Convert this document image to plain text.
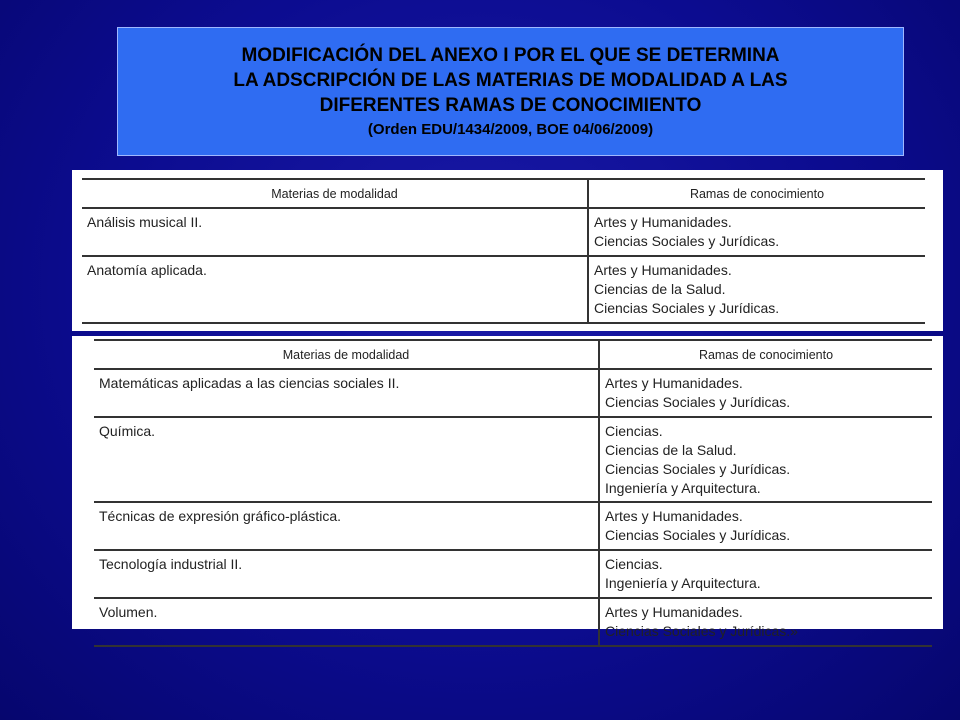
MODIFICACIÓN DEL ANEXO I POR EL QUE SE DETERMINA
LA ADSCRIPCIÓN DE LAS MATERIAS DE MODALIDAD A LAS
DIFERENTES RAMAS DE CONOCIMIENTO
(Orden EDU/1434/2009, BOE 04/06/2009)
Materias de modalidad	Ramas de conocimiento
Análisis musical II.	Artes y Humanidades.
Ciencias Sociales y Jurídicas.

Anatomía aplicada.	Artes y Humanidades.
Ciencias de la Salud.
Ciencias Sociales y Jurídicas.
Materias de modalidad	Ramas de conocimiento
Matemáticas aplicadas a las ciencias sociales II.	Artes y Humanidades.
Ciencias Sociales y Jurídicas.

Química.	Ciencias.
Ciencias de la Salud.
Ciencias Sociales y Jurídicas.
Ingeniería y Arquitectura.

Técnicas de expresión gráfico-plástica.	Artes y Humanidades.
Ciencias Sociales y Jurídicas.

Tecnología industrial II.	Ciencias.
Ingeniería y Arquitectura.

Volumen.	Artes y Humanidades.
Ciencias Sociales y Jurídicas.»
